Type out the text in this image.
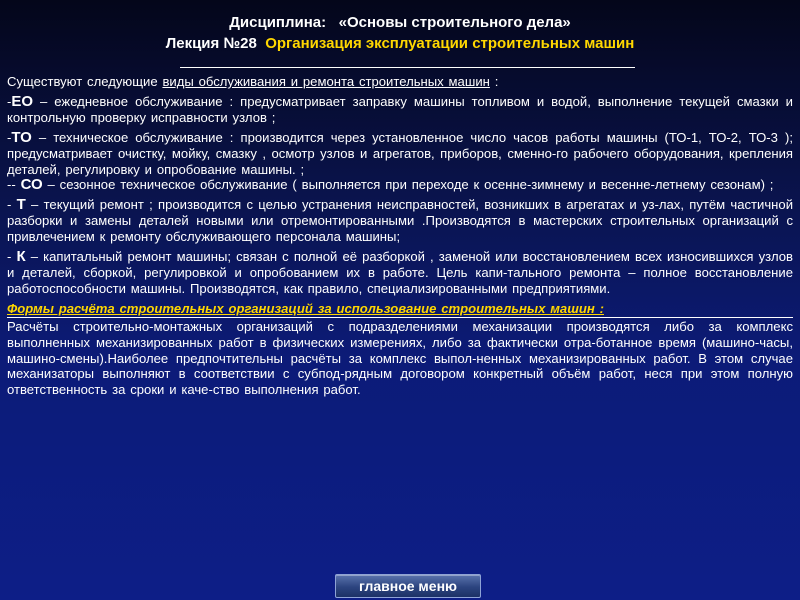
Дисциплина: «Основы строительного дела»
Лекция №28 Организация эксплуатации строительных машин

Существуют следующие виды обслуживания и ремонта строительных машин :

-ЕО – ежедневное обслуживание : предусматривает заправку машины топливом и водой, выполнение текущей смазки и контрольную проверку исправности узлов ;

-ТО – техническое обслуживание : производится через установленное число часов работы машины (ТО-1, ТО-2, ТО-3 ); предусматривает очистку, мойку, смазку , осмотр узлов и агрегатов, приборов, сменно-го рабочего оборудования, крепления деталей, регулировку и опробование машины. ;

-- СО – сезонное техническое обслуживание ( выполняется при переходе к осенне-зимнему и весенне-летнему сезонам) ;

- Т – текущий ремонт ; производится с целью устранения неисправностей, возникших в агрегатах и уз-лах, путём частичной разборки и замены деталей новыми или отремонтированными .Производятся в мастерских строительных организаций с привлечением к ремонту обслуживающего персонала машины;

- К – капитальный ремонт машины; связан с полной её разборкой , заменой или восстановлением всех износившихся узлов и деталей, сборкой, регулировкой и опробованием их в работе. Цель капи-тального ремонта – полное восстановление работоспособности машины. Производятся, как правило, специализированными предприятиями.

Формы расчёта строительных организаций за использование строительных машин :

Расчёты строительно-монтажных организаций с подразделениями механизации производятся либо за комплекс выполненных механизированных работ в физических измерениях, либо за фактически отра-ботанное время (машино-часы, машино-смены).Наиболее предпочтительны расчёты за комплекс выпол-ненных механизированных работ. В этом случае механизаторы выполняют в соответствии с субпод-рядным договором конкретный объём работ, неся при этом полную ответственность за сроки и каче-ство выполнения работ.

главное меню
